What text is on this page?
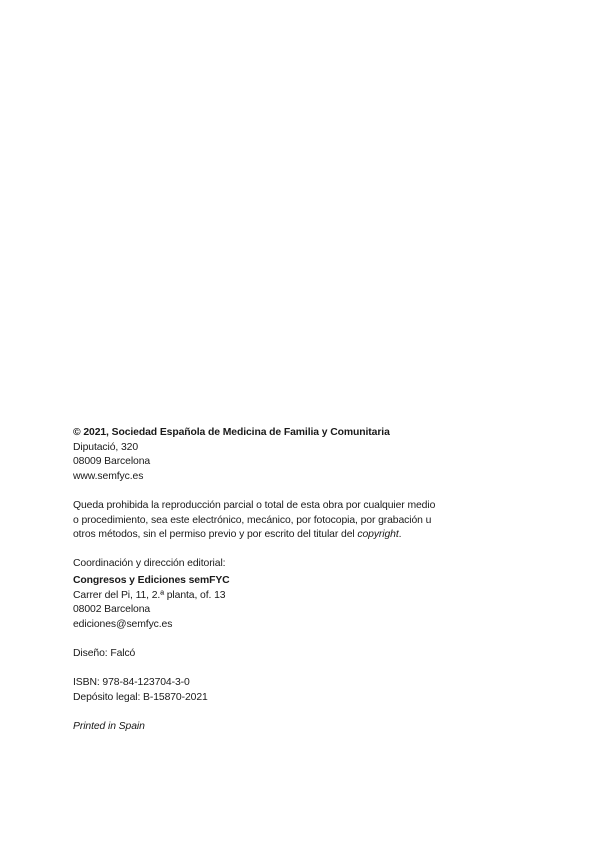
© 2021, Sociedad Española de Medicina de Familia y Comunitaria
Diputació, 320
08009 Barcelona
www.semfyc.es
Queda prohibida la reproducción parcial o total de esta obra por cualquier medio
o procedimiento, sea este electrónico, mecánico, por fotocopia, por grabación u
otros métodos, sin el permiso previo y por escrito del titular del copyright.
Coordinación y dirección editorial:
Congresos y Ediciones semFYC
Carrer del Pi, 11, 2.ª planta, of. 13
08002 Barcelona
ediciones@semfyc.es
Diseño: Falcó
ISBN: 978-84-123704-3-0
Depósito legal: B-15870-2021
Printed in Spain
